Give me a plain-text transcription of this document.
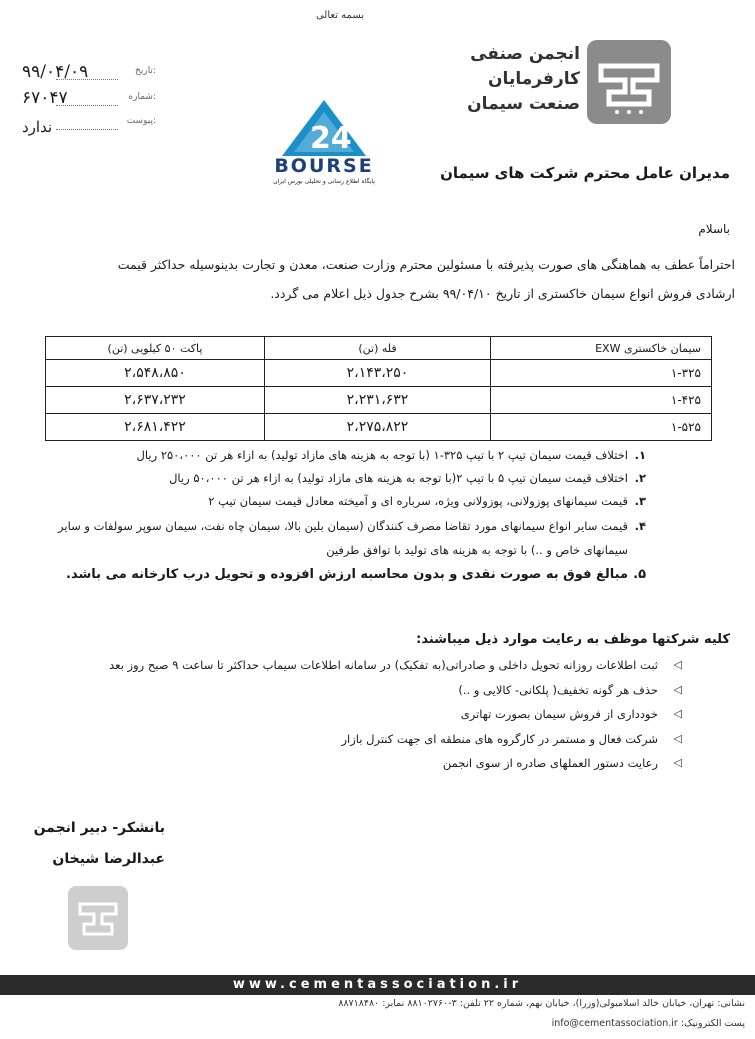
بسمه تعالی
تاریخ:
۹۹/۰۴/۰۹
شماره:
۶۷۰۴۷
پیوست:
ندارد
انجمن صنفی
کارفرمایان
صنعت سیمان
24
BOURSE
پایگاه اطلاع رسانی و تحلیلی بورس ایران	مدیران عامل محترم شرکت های سیمان
باسلام
احتراماً عطف به هماهنگی های صورت پذیرفته با مسئولین محترم وزارت صنعت، معدن و تجارت بدینوسیله حداکثر قیمت
ارشادی فروش انواع سیمان خاکستری از تاریخ ۹۹/۰۴/۱۰ بشرح جدول ذیل اعلام می گردد.
سیمان خاکستری EXW	فله (تن)	پاکت ۵۰ کیلویی (تن)
۱-۳۲۵	۲،۱۴۳،۲۵۰	۲،۵۴۸،۸۵۰
۱-۴۲۵	۲،۲۳۱،۶۳۲	۲،۶۳۷،۲۳۲
۱-۵۲۵	۲،۲۷۵،۸۲۲	۲،۶۸۱،۴۲۲
۱.
اختلاف قیمت سیمان تیپ ۲ با تیپ ۳۲۵-۱ (با توجه به هزینه های مازاد تولید) به ازاء هر تن ۲۵۰،۰۰۰ ریال
۲.
اختلاف قیمت سیمان تیپ ۵ با تیپ ۲(با توجه به هزینه های مازاد تولید) به ازاء هر تن ۵۰،۰۰۰ ریال
۳.
قیمت سیمانهای پوزولانی، پوزولانی ویژه، سرباره ای و آمیخته معادل قیمت سیمان تیپ ۲
۴.
قیمت سایر انواع سیمانهای مورد تقاضا مصرف کنندگان (سیمان بلین بالا، سیمان چاه نفت، سیمان سوپر سولفات و سایر سیمانهای خاص و ..) با توجه به هزینه های تولید با توافق طرفین
۵.
مبالغ فوق به صورت نقدی و بدون محاسبه ارزش افزوده و تحویل درب کارخانه می باشد.
کلیه شرکتها موظف به رعایت موارد ذیل میباشند:
◁
ثبت اطلاعات روزانه تحویل داخلی و صادراتی(به تفکیک) در سامانه اطلاعات سیماب حداکثر تا ساعت ۹ صبح روز بعد
◁
حذف هر گونه تخفیف( پلکانی- کالایی و ..)
◁
خودداری از فروش سیمان بصورت تهاتری
◁
شرکت فعال و مستمر در کارگروه های منطقه ای جهت کنترل بازار
◁
رعایت دستور العملهای صادره از سوی انجمن
بانشکر- دبیر انجمن
عبدالرضا شیخان
www.cementassociation.ir
نشانی: تهران، خیابان خالد اسلامبولی(وزرا)، خیابان نهم، شماره ۲۲ تلفن: ۳-۸۸۱۰۲۷۶۰ نمابر: ۸۸۷۱۸۴۸۰
پست الکترونیک: info@cementassociation.ir
